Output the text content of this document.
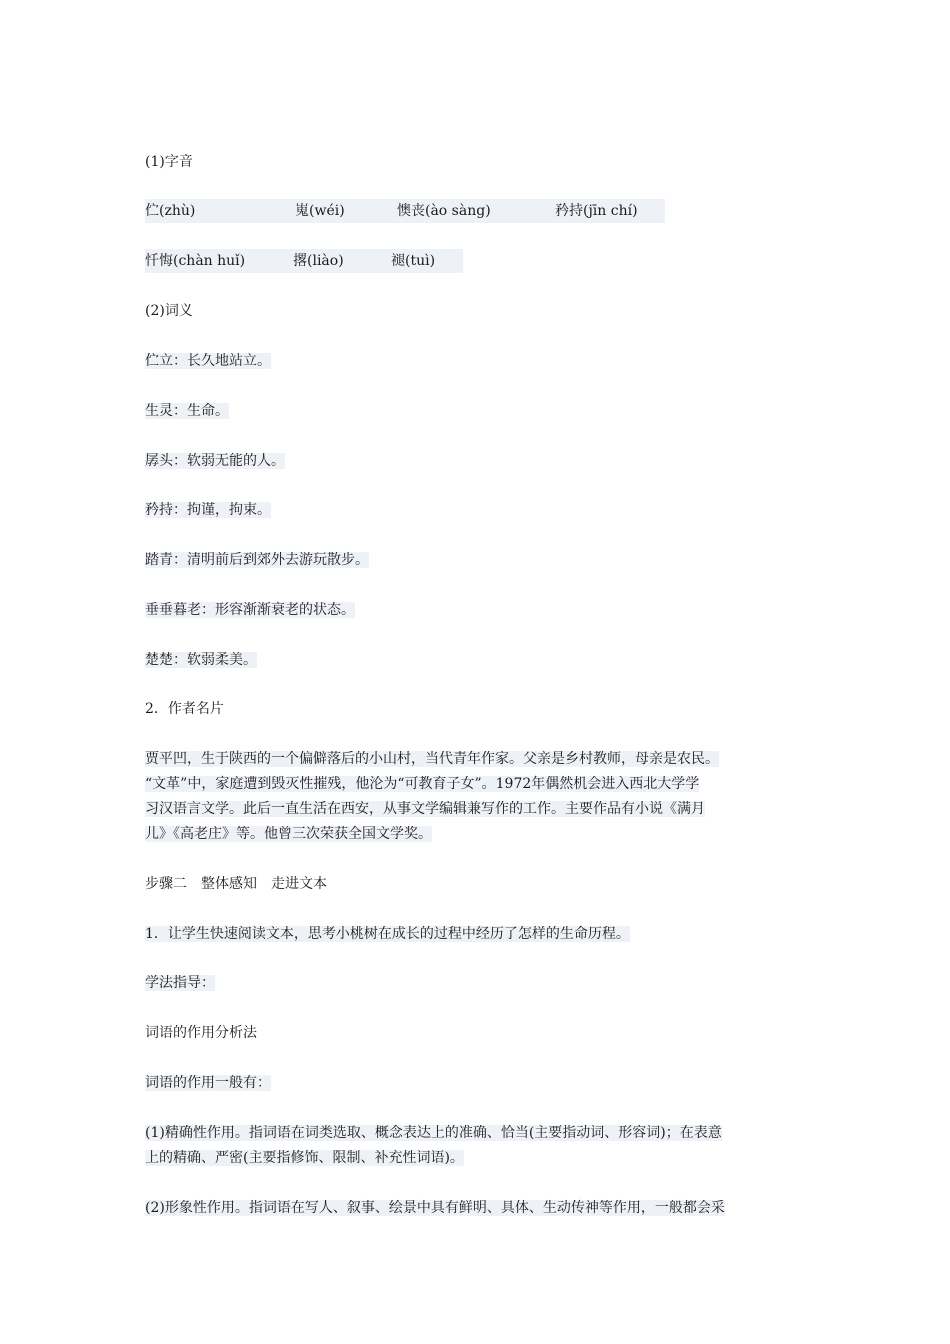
(1)字音
伫(zhù)	嵬(wéi)	懊丧(ào sàng)	矜持(jīn chí)
忏悔(chàn huǐ)	撂(liào)	褪(tuì)
(2)词义
伫立：长久地站立。
生灵：生命。
孱头：软弱无能的人。
矜持：拘谨，拘束。
踏青：清明前后到郊外去游玩散步。
垂垂暮老：形容渐渐衰老的状态。
楚楚：软弱柔美。
2．作者名片
贾平凹，生于陕西的一个偏僻落后的小山村，当代青年作家。父亲是乡村教师，母亲是农民。
“文革”中，家庭遭到毁灭性摧残，他沦为“可教育子女”。1972年偶然机会进入西北大学学
习汉语言文学。此后一直生活在西安，从事文学编辑兼写作的工作。主要作品有小说《满月
儿》《高老庄》等。他曾三次荣获全国文学奖。
步骤二　整体感知　走进文本
1．让学生快速阅读文本，思考小桃树在成长的过程中经历了怎样的生命历程。
学法指导：
词语的作用分析法
词语的作用一般有：
(1)精确性作用。指词语在词类选取、概念表达上的准确、恰当(主要指动词、形容词)；在表意
上的精确、严密(主要指修饰、限制、补充性词语)。
(2)形象性作用。指词语在写人、叙事、绘景中具有鲜明、具体、生动传神等作用，一般都会采
